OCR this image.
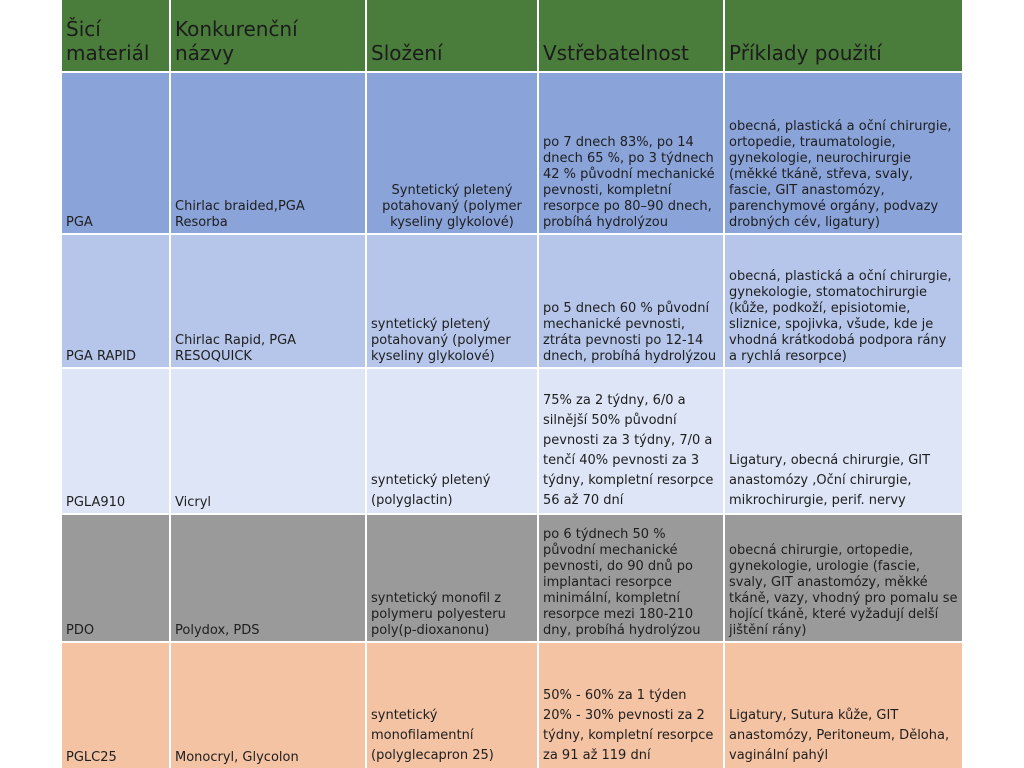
Šicí materiál	Konkurenční názvy	Složení	Vstřebatelnost	Příklady použití
PGA	Chirlac braided,PGA Resorba	Syntetický pletený potahovaný (polymer kyseliny glykolové)	po 7 dnech 83%, po 14 dnech 65 %, po 3 týdnech 42 % původní mechanické pevnosti, kompletní resorpce po 80–90 dnech, probíhá hydrolýzou	obecná, plastická a oční chirurgie, ortopedie, traumatologie, gynekologie, neurochirurgie (měkké tkáně, střeva, svaly, fascie, GIT anastomózy, parenchymové orgány, podvazy drobných cév, ligatury)
PGA RAPID	Chirlac Rapid, PGA RESOQUICK	syntetický pletený potahovaný (polymer kyseliny glykolové)	po 5 dnech 60 % původní mechanické pevnosti, ztráta pevnosti po 12-14 dnech, probíhá hydrolýzou	obecná, plastická a oční chirurgie, gynekologie, stomatochirurgie (kůže, podkoží, episiotomie, sliznice, spojivka, všude, kde je vhodná krátkodobá podpora rány a rychlá resorpce)
PGLA910	Vicryl	syntetický pletený (polyglactin)	75% za 2 týdny, 6/0 a silnější 50% původní pevnosti za 3 týdny, 7/0 a tenčí 40% pevnosti za 3 týdny, kompletní resorpce 56 až 70 dní	Ligatury, obecná chirurgie, GIT anastomózy ,Oční chirurgie, mikrochirurgie, perif. nervy
PDO	Polydox, PDS	syntetický monofil z polymeru polyesteru poly(p-dioxanonu)	po 6 týdnech 50 % původní mechanické pevnosti, do 90 dnů po implantaci resorpce minimální, kompletní resorpce mezi 180-210 dny, probíhá hydrolýzou	obecná chirurgie, ortopedie, gynekologie, urologie (fascie, svaly, GIT anastomózy, měkké tkáně, vazy, vhodný pro pomalu se hojící tkáně, které vyžadují delší jištění rány)
PGLC25	Monocryl, Glycolon	syntetický monofilamentní (polyglecapron 25)	50% - 60% za 1 týden 20% - 30% pevnosti za 2 týdny, kompletní resorpce za 91 až 119 dní	Ligatury, Sutura kůže, GIT anastomózy, Peritoneum, Děloha, vaginální pahýl
